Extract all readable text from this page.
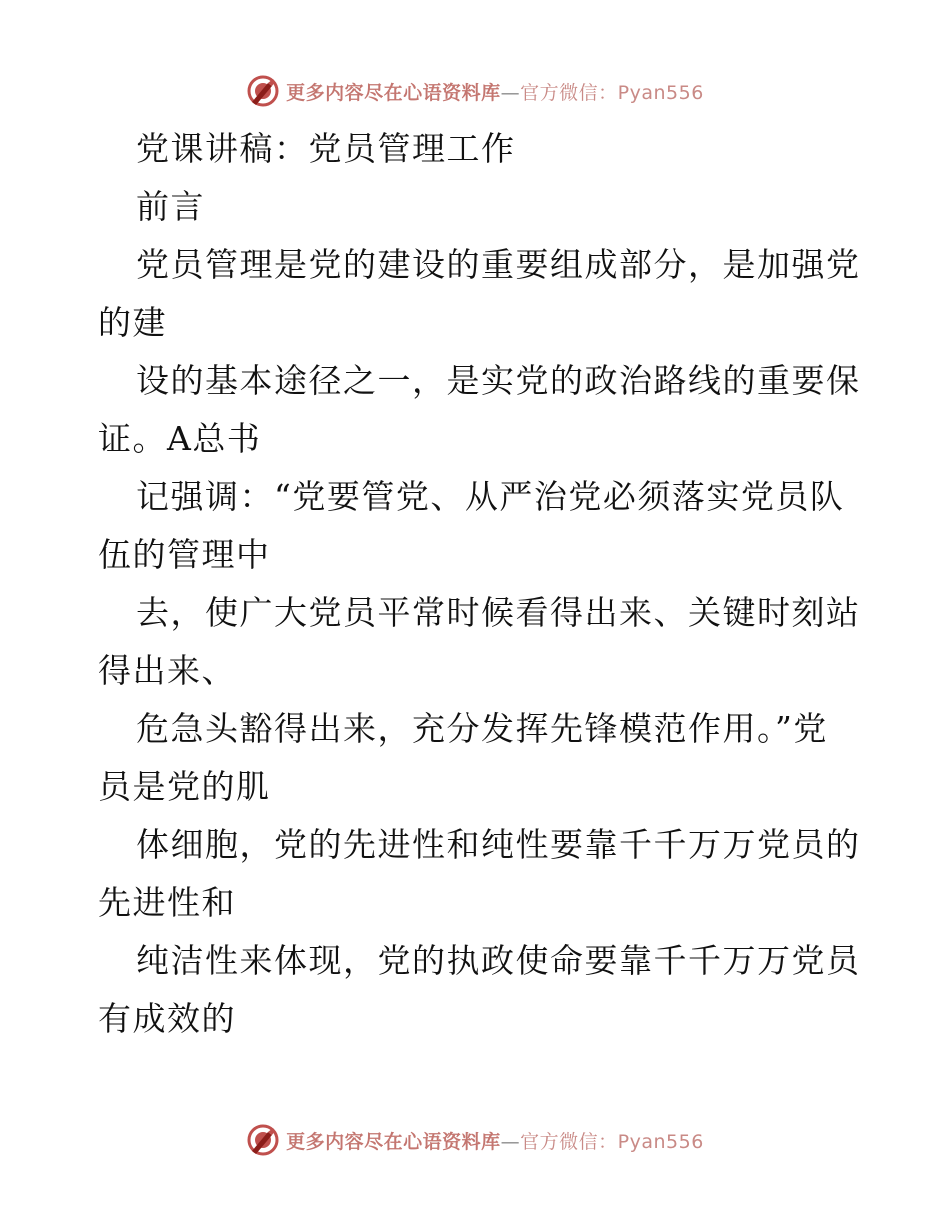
更多内容尽在心语资料库—官方微信：Pyan556
党课讲稿：党员管理工作
前言
党员管理是党的建设的重要组成部分，是加强党
的建
设的基本途径之一，是实党的政治路线的重要保
证。A总书
记强调：“党要管党、从严治党必须落实党员队
伍的管理中
去，使广大党员平常时候看得出来、关键时刻站
得出来、
危急头豁得出来，充分发挥先锋模范作用。”党
员是党的肌
体细胞，党的先进性和纯性要靠千千万万党员的
先进性和
纯洁性来体现，党的执政使命要靠千千万万党员
有成效的
更多内容尽在心语资料库—官方微信：Pyan556
